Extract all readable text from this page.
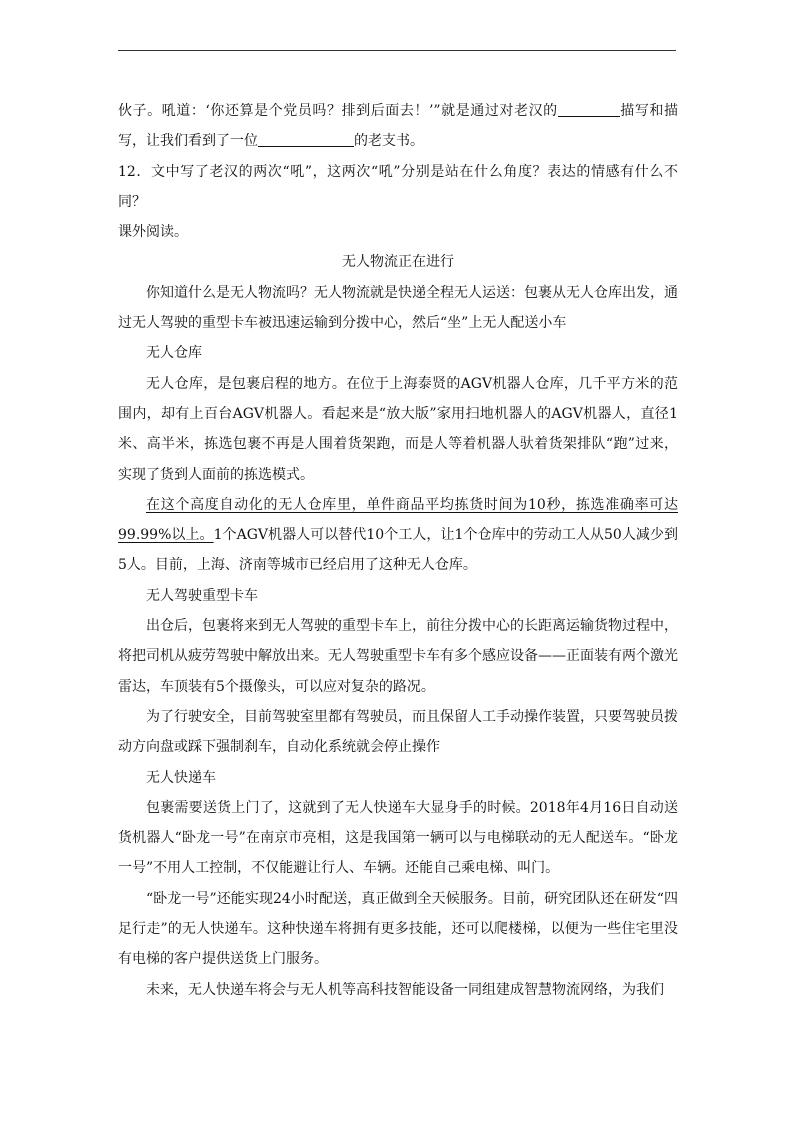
伙子。吼道：‘你还算是个党员吗？排到后面去！’”就是通过对老汉的	描写和描写，让我们看到了一位	的老支书。

12．文中写了老汉的两次“吼”，这两次“吼”分别是站在什么角度？表达的情感有什么不同？

课外阅读。

无人物流正在进行

你知道什么是无人物流吗？无人物流就是快递全程无人运送：包裹从无人仓库出发，通过无人驾驶的重型卡车被迅速运输到分拨中心，然后“坐”上无人配送小车

无人仓库

无人仓库，是包裹启程的地方。在位于上海泰贤的AGV机器人仓库，几千平方米的范围内，却有上百台AGV机器人。看起来是“放大版”家用扫地机器人的AGV机器人，直径1米、高半米，拣选包裹不再是人围着货架跑，而是人等着机器人驮着货架排队“跑”过来，实现了货到人面前的拣选模式。

在这个高度自动化的无人仓库里，单件商品平均拣货时间为10秒，拣选准确率可达99.99%以上。1个AGV机器人可以替代10个工人，让1个仓库中的劳动工人从50人减少到5人。目前，上海、济南等城市已经启用了这种无人仓库。

无人驾驶重型卡车

出仓后，包裹将来到无人驾驶的重型卡车上，前往分拨中心的长距离运输货物过程中，将把司机从疲劳驾驶中解放出来。无人驾驶重型卡车有多个感应设备——正面装有两个激光雷达，车顶装有5个摄像头，可以应对复杂的路况。

为了行驶安全，目前驾驶室里都有驾驶员，而且保留人工手动操作装置，只要驾驶员拨动方向盘或踩下强制刹车，自动化系统就会停止操作

无人快递车

包裹需要送货上门了，这就到了无人快递车大显身手的时候。2018年4月16日自动送货机器人“卧龙一号”在南京市亮相，这是我国第一辆可以与电梯联动的无人配送车。“卧龙一号”不用人工控制，不仅能避让行人、车辆。还能自己乘电梯、叫门。

“卧龙一号”还能实现24小时配送，真正做到全天候服务。目前，研究团队还在研发“四足行走”的无人快递车。这种快递车将拥有更多技能，还可以爬楼梯，以便为一些住宅里没有电梯的客户提供送货上门服务。

未来，无人快递车将会与无人机等高科技智能设备一同组建成智慧物流网络，为我们
